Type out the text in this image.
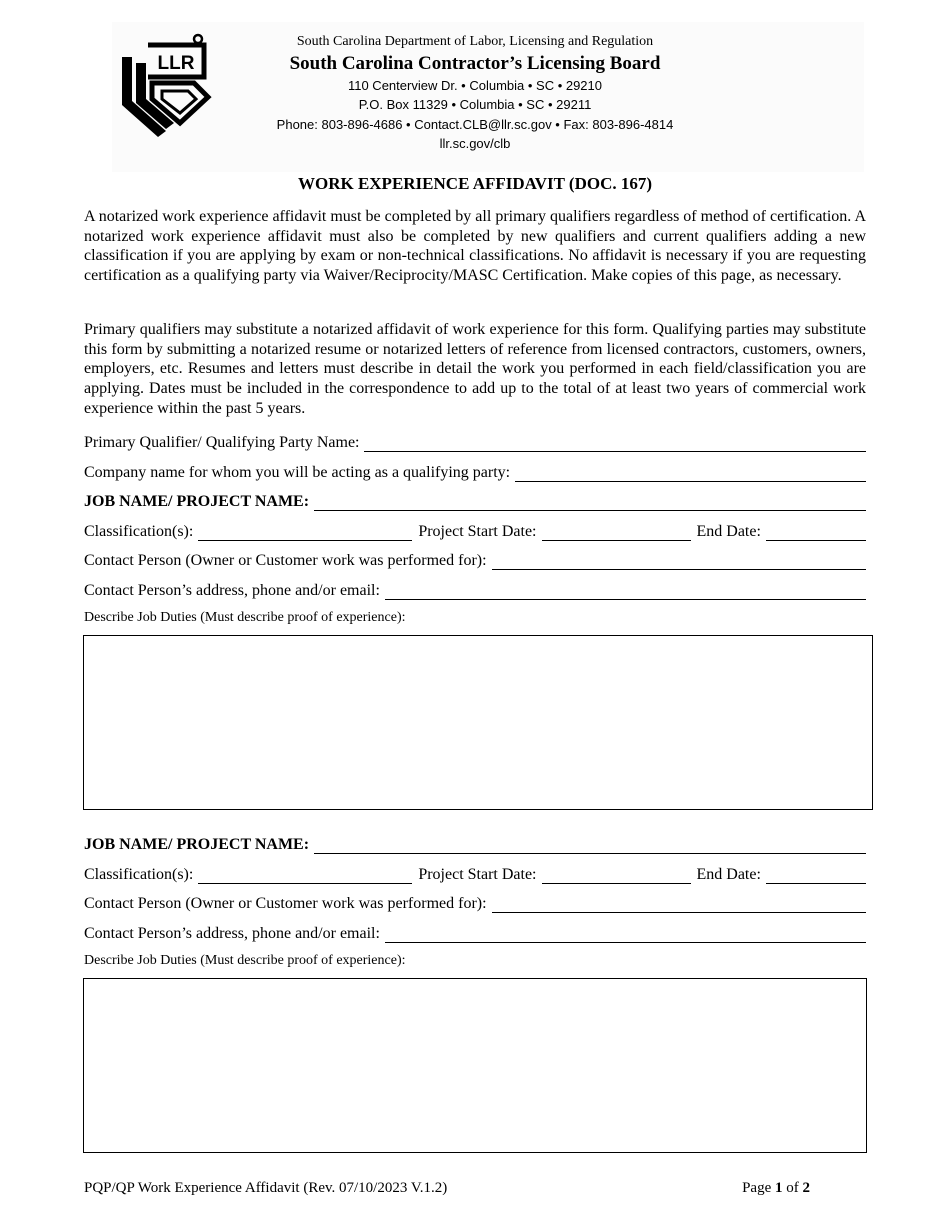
LLR
South Carolina Department of Labor, Licensing and Regulation
South Carolina Contractor’s Licensing Board
110 Centerview Dr. • Columbia • SC • 29210
P.O. Box 11329 • Columbia • SC • 29211
Phone: 803-896-4686 • Contact.CLB@llr.sc.gov • Fax: 803-896-4814
llr.sc.gov/clb
WORK EXPERIENCE AFFIDAVIT (DOC. 167)

A notarized work experience affidavit must be completed by all primary qualifiers regardless of method of certification. A notarized work experience affidavit must also be completed by new qualifiers and current qualifiers adding a new classification if you are applying by exam or non-technical classifications. No affidavit is necessary if you are requesting certification as a qualifying party via Waiver/Reciprocity/MASC Certification. Make copies of this page, as necessary.

Primary qualifiers may substitute a notarized affidavit of work experience for this form. Qualifying parties may substitute this form by submitting a notarized resume or notarized letters of reference from licensed contractors, customers, owners, employers, etc. Resumes and letters must describe in detail the work you performed in each field/classification you are applying. Dates must be included in the correspondence to add up to the total of at least two years of commercial work experience within the past 5 years.

Primary Qualifier/ Qualifying Party Name:
Company name for whom you will be acting as a qualifying party:
JOB NAME/ PROJECT NAME:
Classification(s):	Project Start Date:	End Date:
Contact Person (Owner or Customer work was performed for):
Contact Person’s address, phone and/or email:
Describe Job Duties (Must describe proof of experience):
JOB NAME/ PROJECT NAME:
Classification(s):	Project Start Date:	End Date:
Contact Person (Owner or Customer work was performed for):
Contact Person’s address, phone and/or email:
Describe Job Duties (Must describe proof of experience):
PQP/QP Work Experience Affidavit (Rev. 07/10/2023 V.1.2)	Page 1 of 2
